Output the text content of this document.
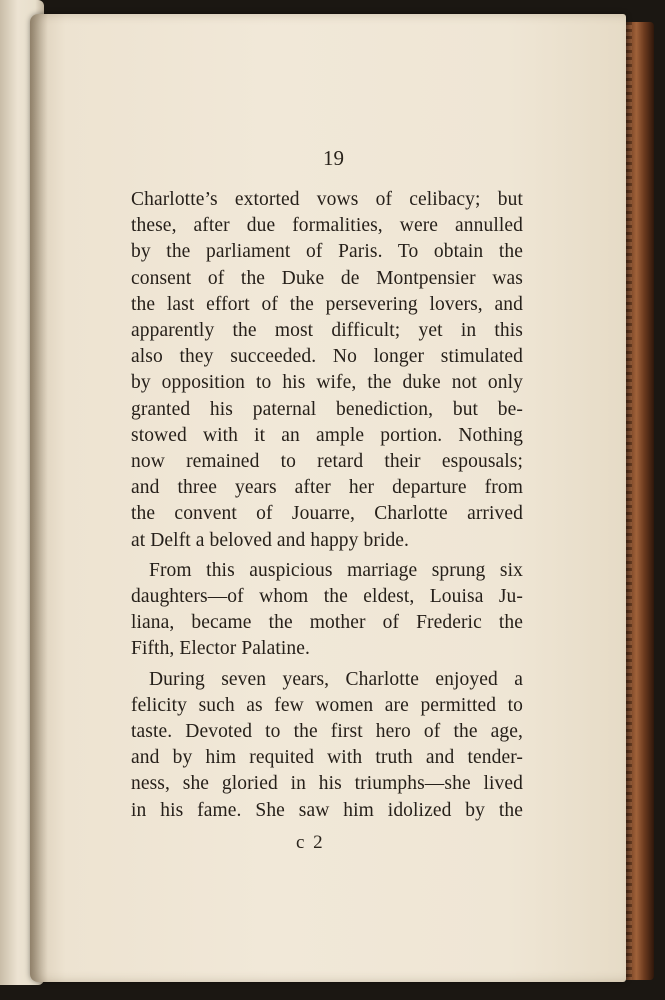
19
Charlotte’s extorted vows of celibacy; but
these, after due formalities, were annulled
by the parliament of Paris. To obtain the
consent of the Duke de Montpensier was
the last effort of the persevering lovers, and
apparently the most difficult; yet in this
also they succeeded. No longer stimulated
by opposition to his wife, the duke not only
granted his paternal benediction, but be-
stowed with it an ample portion. Nothing
now remained to retard their espousals;
and three years after her departure from
the convent of Jouarre, Charlotte arrived
at Delft a beloved and happy bride.
From this auspicious marriage sprung six
daughters—of whom the eldest, Louisa Ju-
liana, became the mother of Frederic the
Fifth, Elector Palatine.
During seven years, Charlotte enjoyed a
felicity such as few women are permitted to
taste. Devoted to the first hero of the age,
and by him requited with truth and tender-
ness, she gloried in his triumphs—she lived
in his fame. She saw him idolized by the
c 2
